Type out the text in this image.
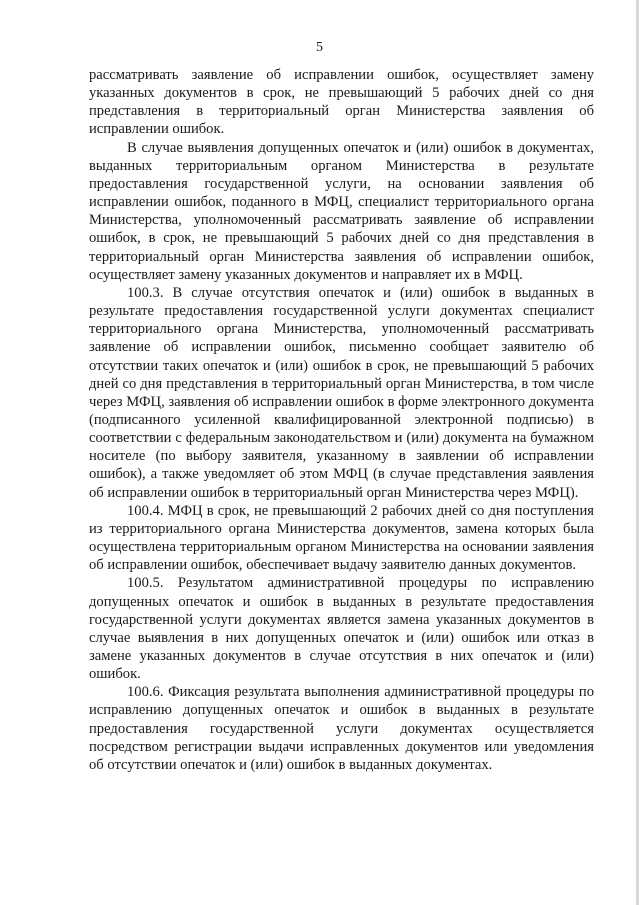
5

рассматривать заявление об исправлении ошибок, осуществляет замену указанных документов в срок, не превышающий 5 рабочих дней со дня представления в территориальный орган Министерства заявления об исправлении ошибок.

В случае выявления допущенных опечаток и (или) ошибок в документах, выданных территориальным органом Министерства в результате предоставления государственной услуги, на основании заявления об исправлении ошибок, поданного в МФЦ, специалист территориального органа Министерства, уполномоченный рассматривать заявление об исправлении ошибок, в срок, не превышающий 5 рабочих дней со дня представления в территориальный орган Министерства заявления об исправлении ошибок, осуществляет замену указанных документов и направляет их в МФЦ.

100.3. В случае отсутствия опечаток и (или) ошибок в выданных в результате предоставления государственной услуги документах специалист территориального органа Министерства, уполномоченный рассматривать заявление об исправлении ошибок, письменно сообщает заявителю об отсутствии таких опечаток и (или) ошибок в срок, не превышающий 5 рабочих дней со дня представления в территориальный орган Министерства, в том числе через МФЦ, заявления об исправлении ошибок в форме электронного документа (подписанного усиленной квалифицированной электронной подписью) в соответствии с федеральным законодательством и (или) документа на бумажном носителе (по выбору заявителя, указанному в заявлении об исправлении ошибок), а также уведомляет об этом МФЦ (в случае представления заявления об исправлении ошибок в территориальный орган Министерства через МФЦ).

100.4. МФЦ в срок, не превышающий 2 рабочих дней со дня поступления из территориального органа Министерства документов, замена которых была осуществлена территориальным органом Министерства на основании заявления об исправлении ошибок, обеспечивает выдачу заявителю данных документов.

100.5. Результатом административной процедуры по исправлению допущенных опечаток и ошибок в выданных в результате предоставления государственной услуги документах является замена указанных документов в случае выявления в них допущенных опечаток и (или) ошибок или отказ в замене указанных документов в случае отсутствия в них опечаток и (или) ошибок.

100.6. Фиксация результата выполнения административной процедуры по исправлению допущенных опечаток и ошибок в выданных в результате предоставления государственной услуги документах осуществляется посредством регистрации выдачи исправленных документов или уведомления об отсутствии опечаток и (или) ошибок в выданных документах.
